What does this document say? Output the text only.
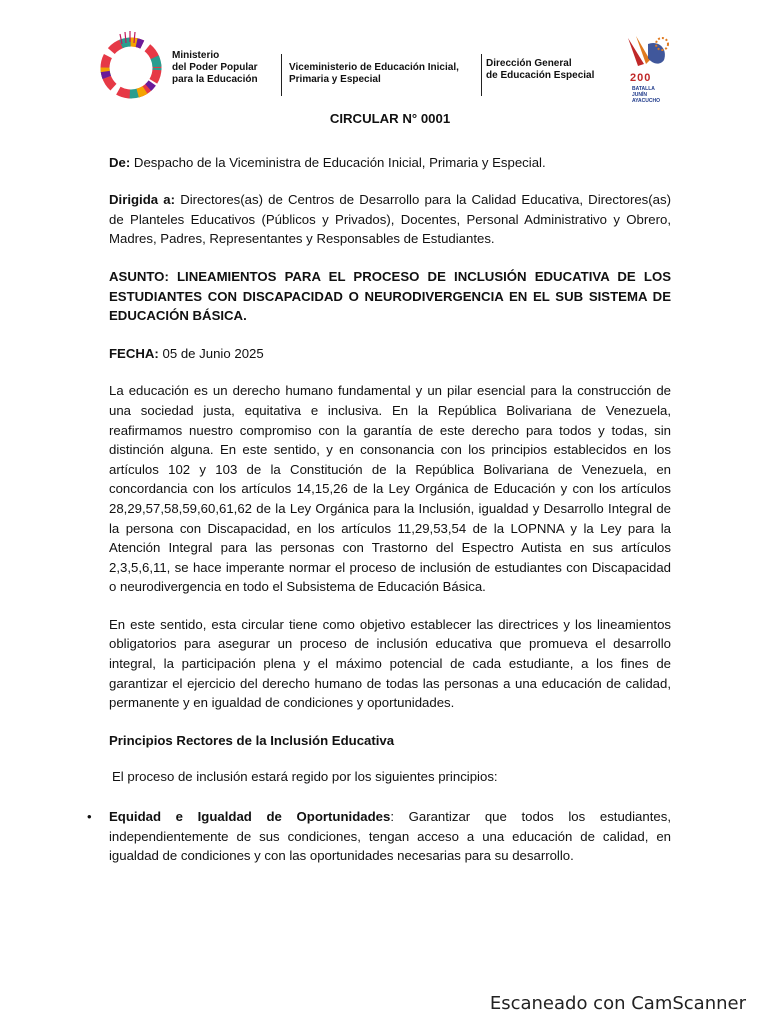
Ministerio
del Poder Popular
para la Educación
Viceministerio de Educación Inicial,
Primaria y Especial
Dirección General
de Educación Especial	200
BATALLA
JUNÍN
AYACUCHO
CIRCULAR N° 0001
De: Despacho de la Viceministra de Educación Inicial, Primaria y Especial.
Dirigida a: Directores(as) de Centros de Desarrollo para la Calidad Educativa, Directores(as) de Planteles Educativos (Públicos y Privados), Docentes, Personal Administrativo y Obrero, Madres, Padres, Representantes y Responsables de Estudiantes.
ASUNTO: LINEAMIENTOS PARA EL PROCESO DE INCLUSIÓN EDUCATIVA DE LOS ESTUDIANTES CON DISCAPACIDAD O NEURODIVERGENCIA EN EL SUB SISTEMA DE EDUCACIÓN BÁSICA.
FECHA: 05 de Junio 2025
La educación es un derecho humano fundamental y un pilar esencial para la construcción de una sociedad justa, equitativa e inclusiva. En la República Bolivariana de Venezuela, reafirmamos nuestro compromiso con la garantía de este derecho para todos y todas, sin distinción alguna. En este sentido, y en consonancia con los principios establecidos en los artículos 102 y 103 de la Constitución de la República Bolivariana de Venezuela, en concordancia con los artículos 14,15,26 de la Ley Orgánica de Educación y con los artículos 28,29,57,58,59,60,61,62 de la Ley Orgánica para la Inclusión, igualdad y Desarrollo Integral de la persona con Discapacidad, en los artículos 11,29,53,54 de la LOPNNA y la Ley para la Atención Integral para las personas con Trastorno del Espectro Autista en sus artículos 2,3,5,6,11, se hace imperante normar el proceso de inclusión de estudiantes con Discapacidad o neurodivergencia en todo el Subsistema de Educación Básica.
En este sentido, esta circular tiene como objetivo establecer las directrices y los lineamientos obligatorios para asegurar un proceso de inclusión educativa que promueva el desarrollo integral, la participación plena y el máximo potencial de cada estudiante, a los fines de garantizar el ejercicio del derecho humano de todas las personas a una educación de calidad, permanente y en igualdad de condiciones y oportunidades.
Principios Rectores de la Inclusión Educativa
El proceso de inclusión estará regido por los siguientes principios:
• Equidad e Igualdad de Oportunidades: Garantizar que todos los estudiantes, independientemente de sus condiciones, tengan acceso a una educación de calidad, en igualdad de condiciones y con las oportunidades necesarias para su desarrollo.
Escaneado con CamScanner
